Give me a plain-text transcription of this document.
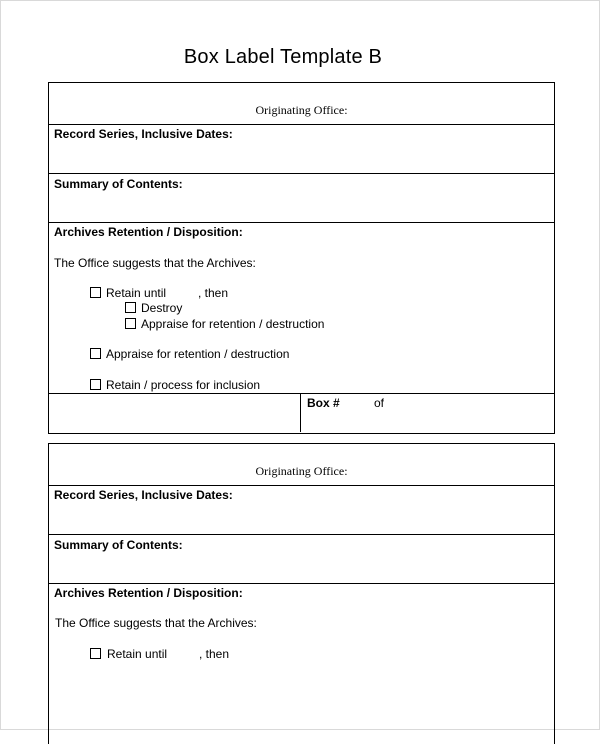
Box Label Template B
Originating Office:
Record Series, Inclusive Dates:
Summary of Contents:
Archives Retention / Disposition:
The Office suggests that the Archives:
Retain until	, then
Destroy
Appraise for retention / destruction
Appraise for retention / destruction
Retain / process for inclusion
Box #	of
Originating Office:
Record Series, Inclusive Dates:
Summary of Contents:
Archives Retention / Disposition:
The Office suggests that the Archives:
Retain until	, then
